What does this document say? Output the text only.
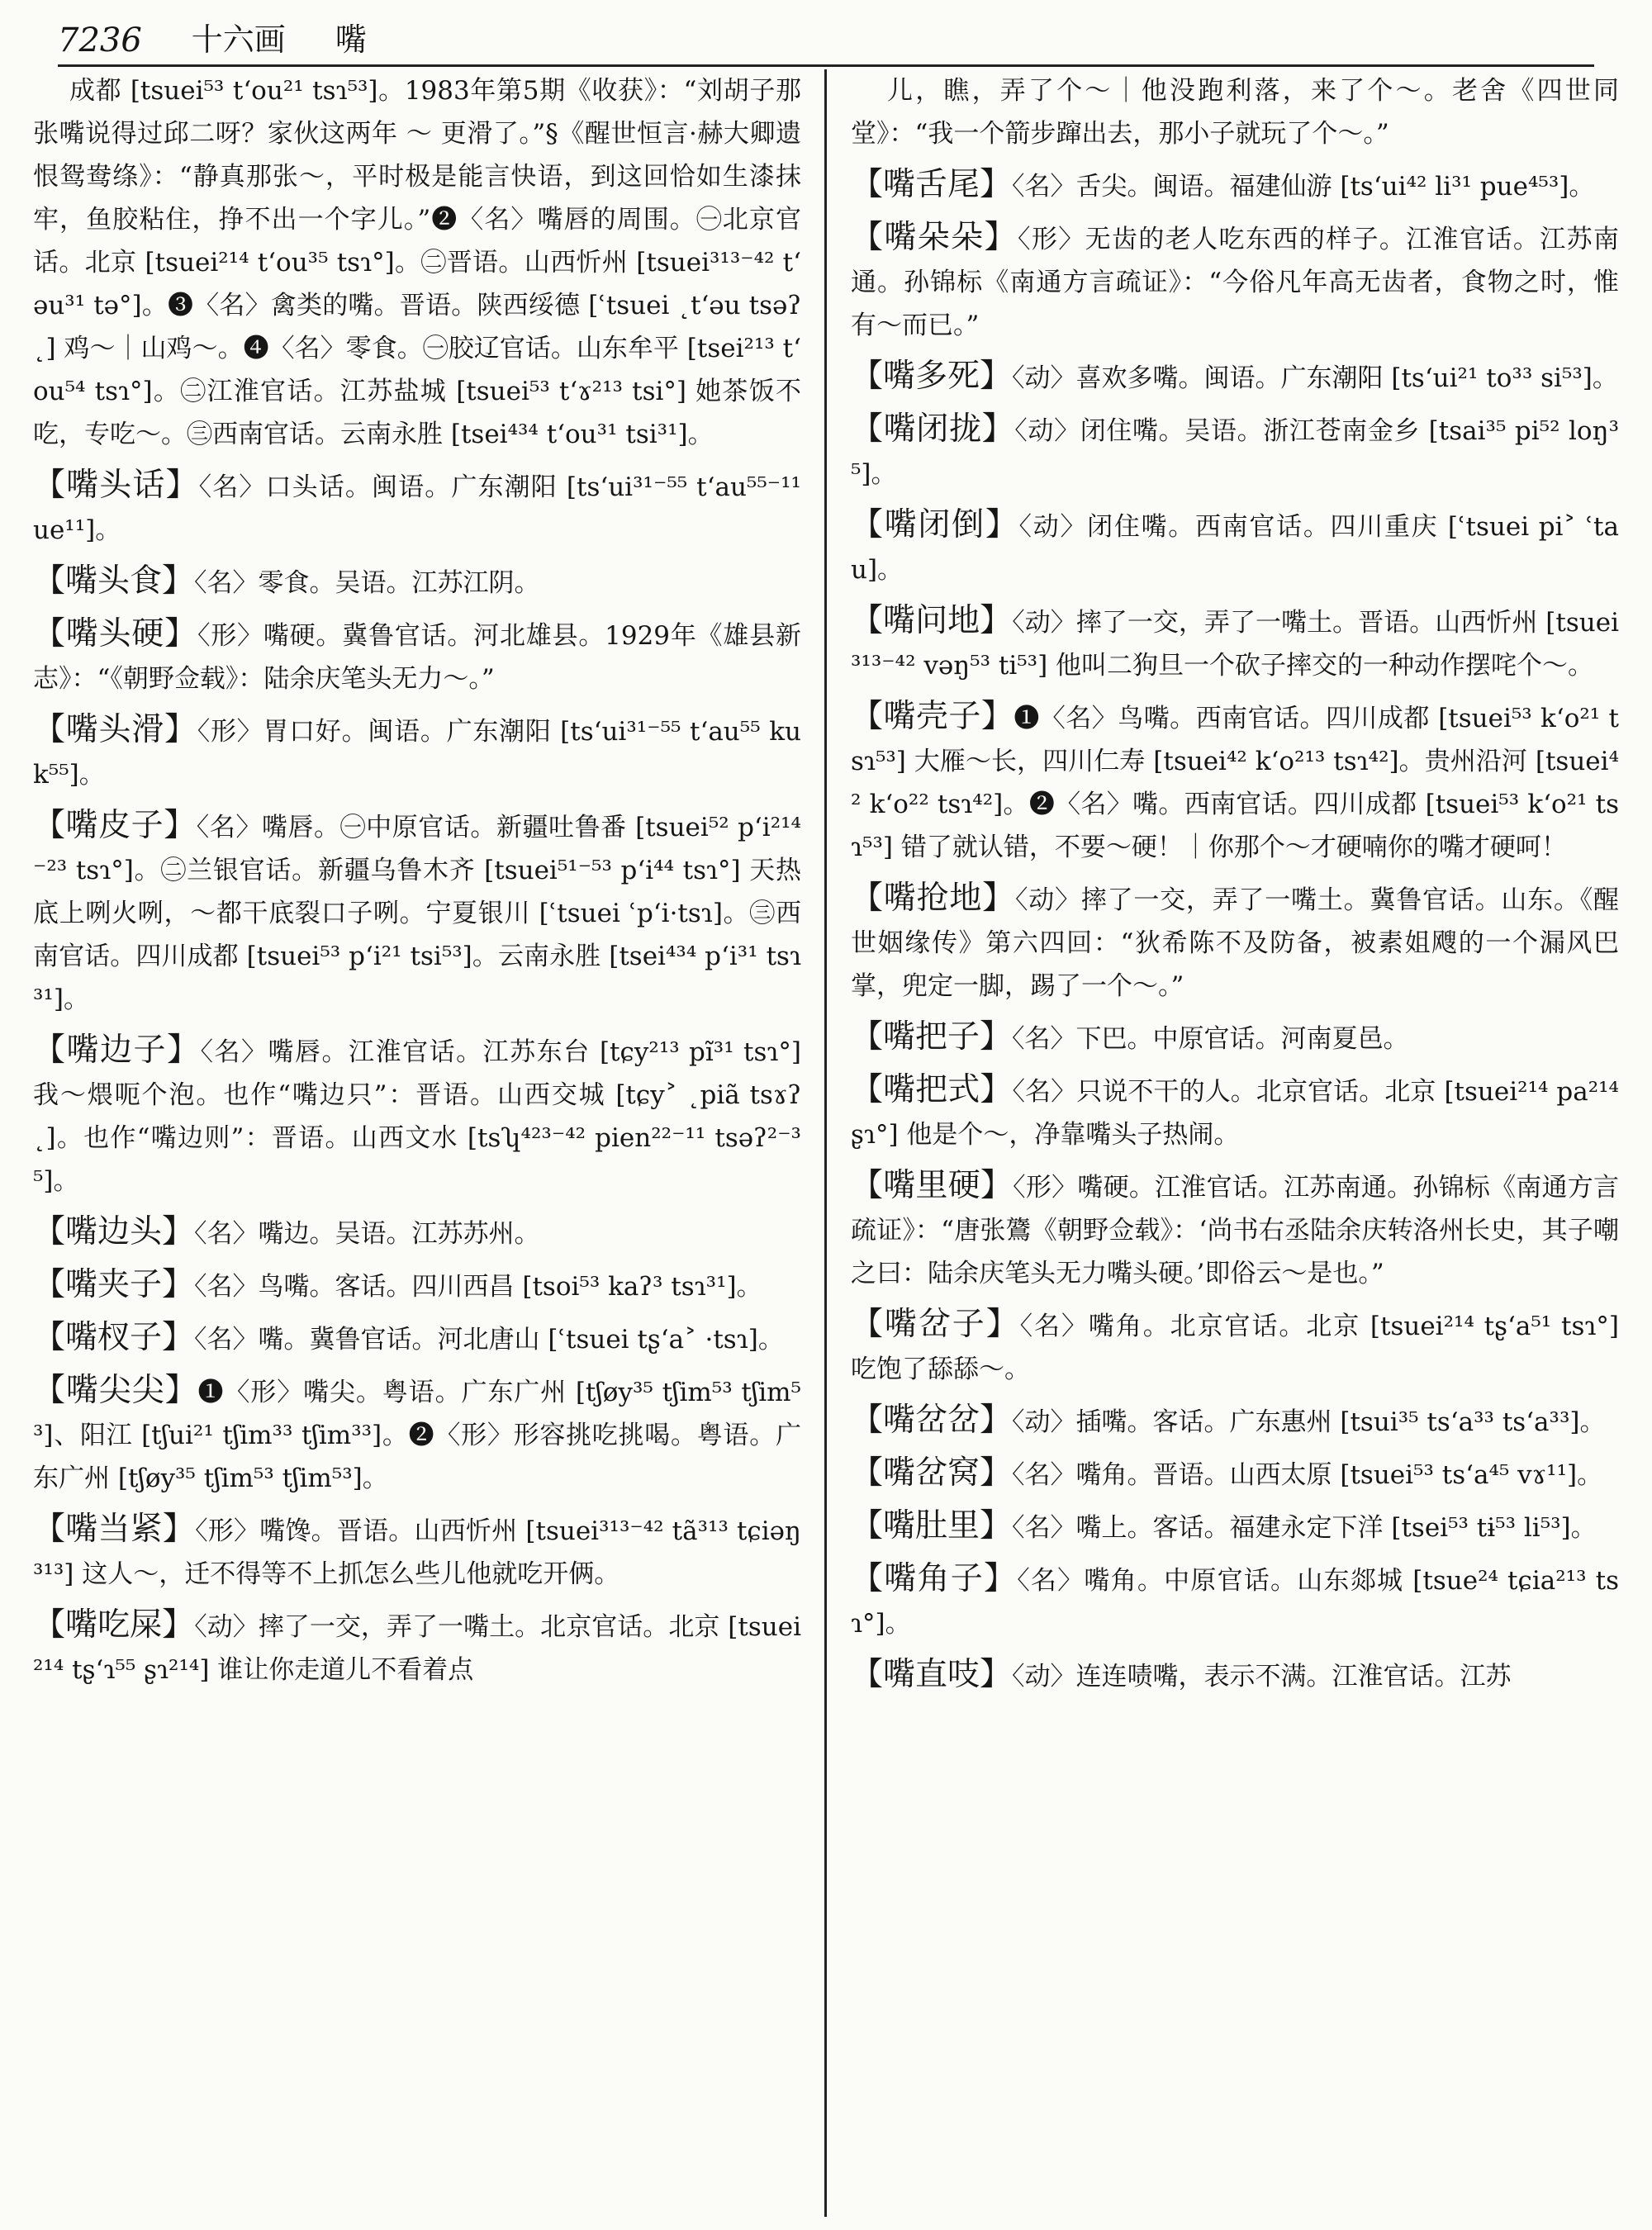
7236 十六画 嘴

成都 [tsuei⁵³ tʻou²¹ tsɿ⁵³]。1983年第5期《收获》：“刘胡子那张嘴说得过邱二呀？家伙这两年 ～ 更滑了。”§《醒世恒言·赫大卿遗恨鸳鸯绦》：“静真那张～，平时极是能言快语，到这回恰如生漆抹牢，鱼胶粘住，挣不出一个字儿。”❷〈名〉嘴唇的周围。㊀北京官话。北京 [tsuei²¹⁴ tʻou³⁵ tsɿ°]。㊁晋语。山西忻州 [tsuei³¹³⁻⁴² tʻəu³¹ tə°]。❸〈名〉禽类的嘴。晋语。陕西绥德 [ʿtsuei ˛tʻəu tsəʔ˛] 鸡～｜山鸡～。❹〈名〉零食。㊀胶辽官话。山东牟平 [tsei²¹³ tʻou⁵⁴ tsɿ°]。㊁江淮官话。江苏盐城 [tsuei⁵³ tʻɤ²¹³ tsi°] 她茶饭不吃，专吃～。㊂西南官话。云南永胜 [tsei⁴³⁴ tʻou³¹ tsi³¹]。

【嘴头话】〈名〉口头话。闽语。广东潮阳 [tsʻui³¹⁻⁵⁵ tʻau⁵⁵⁻¹¹ ue¹¹]。

【嘴头食】〈名〉零食。吴语。江苏江阴。

【嘴头硬】〈形〉嘴硬。冀鲁官话。河北雄县。1929年《雄县新志》：“《朝野佥载》：陆余庆笔头无力～。”

【嘴头滑】〈形〉胃口好。闽语。广东潮阳 [tsʻui³¹⁻⁵⁵ tʻau⁵⁵ kuk⁵⁵]。

【嘴皮子】〈名〉嘴唇。㊀中原官话。新疆吐鲁番 [tsuei⁵² pʻi²¹⁴⁻²³ tsɿ°]。㊁兰银官话。新疆乌鲁木齐 [tsuei⁵¹⁻⁵³ pʻi⁴⁴ tsɿ°] 天热底上咧火咧，～都干底裂口子咧。宁夏银川 [ʿtsuei ʿpʻi·tsɿ]。㊂西南官话。四川成都 [tsuei⁵³ pʻi²¹ tsi⁵³]。云南永胜 [tsei⁴³⁴ pʻi³¹ tsɿ³¹]。

【嘴边子】〈名〉嘴唇。江淮官话。江苏东台 [tɕy²¹³ pĩ³¹ tsɿ°] 我～煨呃个泡。也作“嘴边只”：晋语。山西交城 [tɕy˃ ˛piã tsɤʔ˛]。也作“嘴边则”：晋语。山西文水 [tsʮ⁴²³⁻⁴² pien²²⁻¹¹ tsəʔ²⁻³⁵]。

【嘴边头】〈名〉嘴边。吴语。江苏苏州。

【嘴夹子】〈名〉鸟嘴。客话。四川西昌 [tsoi⁵³ kaʔ³ tsɿ³¹]。

【嘴杈子】〈名〉嘴。冀鲁官话。河北唐山 [ʿtsuei tʂʻa˃ ·tsɿ]。

【嘴尖尖】❶〈形〉嘴尖。粤语。广东广州 [tʃøy³⁵ tʃim⁵³ tʃim⁵³]、阳江 [tʃui²¹ tʃim³³ tʃim³³]。❷〈形〉形容挑吃挑喝。粤语。广东广州 [tʃøy³⁵ tʃim⁵³ tʃim⁵³]。

【嘴当紧】〈形〉嘴馋。晋语。山西忻州 [tsuei³¹³⁻⁴² tã³¹³ tɕiəŋ³¹³] 这人～，迁不得等不上抓怎么些儿他就吃开俩。

【嘴吃屎】〈动〉摔了一交，弄了一嘴土。北京官话。北京 [tsuei²¹⁴ tʂʻɿ⁵⁵ ʂɿ²¹⁴] 谁让你走道儿不看着点

儿，瞧，弄了个～｜他没跑利落，来了个～。老舍《四世同堂》：“我一个箭步蹿出去，那小子就玩了个～。”

【嘴舌尾】〈名〉舌尖。闽语。福建仙游 [tsʻui⁴² li³¹ pue⁴⁵³]。

【嘴朵朵】〈形〉无齿的老人吃东西的样子。江淮官话。江苏南通。孙锦标《南通方言疏证》：“今俗凡年高无齿者，食物之时，惟有～而已。”

【嘴多死】〈动〉喜欢多嘴。闽语。广东潮阳 [tsʻui²¹ to³³ si⁵³]。

【嘴闭拢】〈动〉闭住嘴。吴语。浙江苍南金乡 [tsai³⁵ pi⁵² loŋ³⁵]。

【嘴闭倒】〈动〉闭住嘴。西南官话。四川重庆 [ʿtsuei pi˃ ʿtau]。

【嘴问地】〈动〉摔了一交，弄了一嘴土。晋语。山西忻州 [tsuei³¹³⁻⁴² vəŋ⁵³ ti⁵³] 他叫二狗旦一个砍子摔交的一种动作摆咤个～。

【嘴壳子】❶〈名〉鸟嘴。西南官话。四川成都 [tsuei⁵³ kʻo²¹ tsɿ⁵³] 大雁～长，四川仁寿 [tsuei⁴² kʻo²¹³ tsɿ⁴²]。贵州沿河 [tsuei⁴² kʻo²² tsɿ⁴²]。❷〈名〉嘴。西南官话。四川成都 [tsuei⁵³ kʻo²¹ tsɿ⁵³] 错了就认错，不要～硬！｜你那个～才硬喃你的嘴才硬呵！

【嘴抢地】〈动〉摔了一交，弄了一嘴土。冀鲁官话。山东。《醒世姻缘传》第六四回：“狄希陈不及防备，被素姐飕的一个漏风巴掌，兜定一脚，踢了一个～。”

【嘴把子】〈名〉下巴。中原官话。河南夏邑。

【嘴把式】〈名〉只说不干的人。北京官话。北京 [tsuei²¹⁴ pa²¹⁴ ʂɿ°] 他是个～，净靠嘴头子热闹。

【嘴里硬】〈形〉嘴硬。江淮官话。江苏南通。孙锦标《南通方言疏证》：“唐张鷟《朝野佥载》：‘尚书右丞陆余庆转洛州长史，其子嘲之曰：陆余庆笔头无力嘴头硬。’即俗云～是也。”

【嘴岔子】〈名〉嘴角。北京官话。北京 [tsuei²¹⁴ tʂʻa⁵¹ tsɿ°] 吃饱了舔舔～。

【嘴岔岔】〈动〉插嘴。客话。广东惠州 [tsui³⁵ tsʻa³³ tsʻa³³]。

【嘴岔窝】〈名〉嘴角。晋语。山西太原 [tsuei⁵³ tsʻa⁴⁵ vɤ¹¹]。

【嘴肚里】〈名〉嘴上。客话。福建永定下洋 [tsei⁵³ tɨ⁵³ li⁵³]。

【嘴角子】〈名〉嘴角。中原官话。山东郯城 [tsue²⁴ tɕia²¹³ tsɿ°]。

【嘴直吱】〈动〉连连啧嘴，表示不满。江淮官话。江苏
